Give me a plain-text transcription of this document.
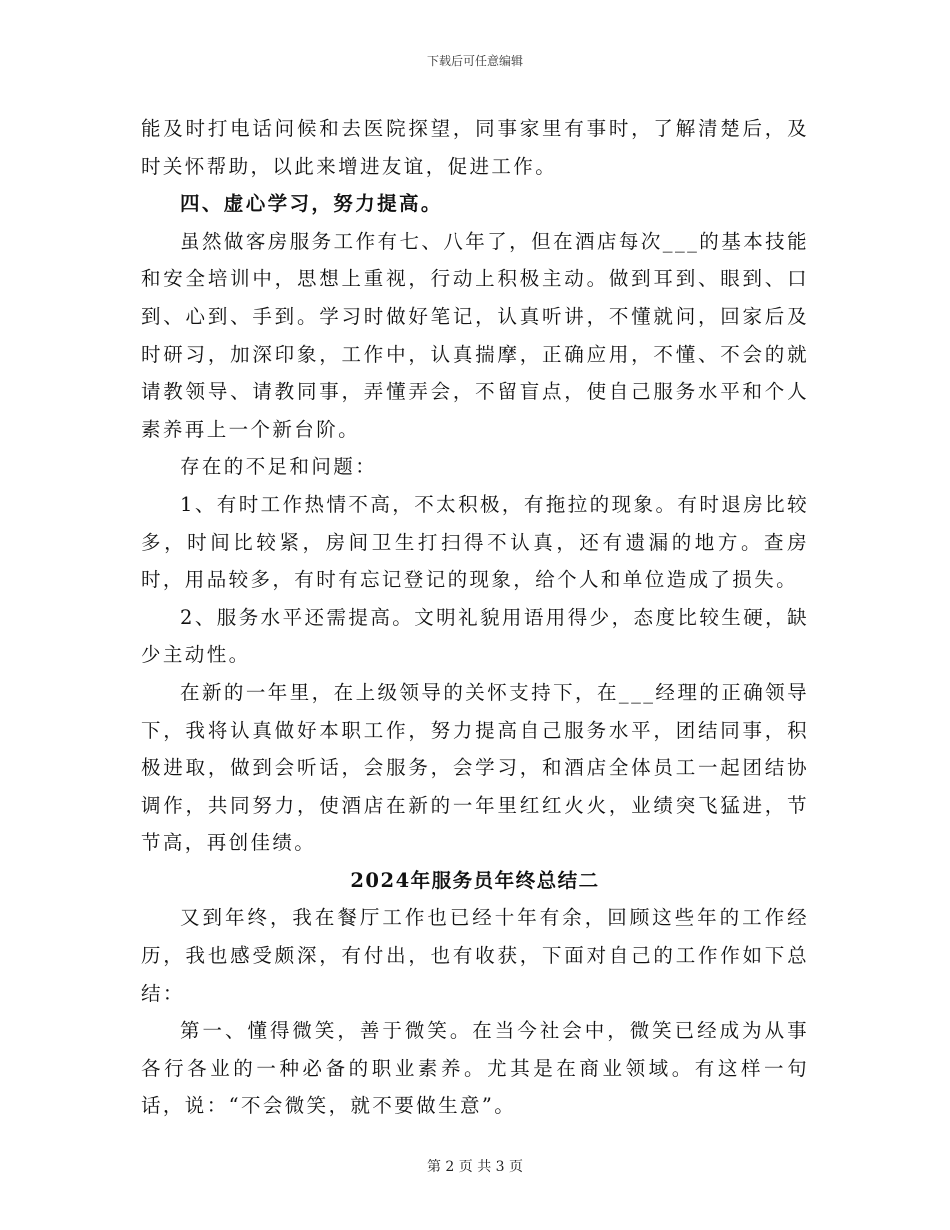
下载后可任意编辑

能及时打电话问候和去医院探望，同事家里有事时，了解清楚后，及时关怀帮助，以此来增进友谊，促进工作。

四、虚心学习，努力提高。

虽然做客房服务工作有七、八年了，但在酒店每次___的基本技能和安全培训中，思想上重视，行动上积极主动。做到耳到、眼到、口到、心到、手到。学习时做好笔记，认真听讲，不懂就问，回家后及时研习，加深印象，工作中，认真揣摩，正确应用，不懂、不会的就请教领导、请教同事，弄懂弄会，不留盲点，使自己服务水平和个人素养再上一个新台阶。

存在的不足和问题：

1、有时工作热情不高，不太积极，有拖拉的现象。有时退房比较多，时间比较紧，房间卫生打扫得不认真，还有遗漏的地方。查房时，用品较多，有时有忘记登记的现象，给个人和单位造成了损失。

2、服务水平还需提高。文明礼貌用语用得少，态度比较生硬，缺少主动性。

在新的一年里，在上级领导的关怀支持下，在___经理的正确领导下，我将认真做好本职工作，努力提高自己服务水平，团结同事，积极进取，做到会听话，会服务，会学习，和酒店全体员工一起团结协调作，共同努力，使酒店在新的一年里红红火火，业绩突飞猛进，节节高，再创佳绩。

2024年服务员年终总结二

又到年终，我在餐厅工作也已经十年有余，回顾这些年的工作经历，我也感受颇深，有付出，也有收获，下面对自己的工作作如下总结：

第一、懂得微笑，善于微笑。在当今社会中，微笑已经成为从事各行各业的一种必备的职业素养。尤其是在商业领域。有这样一句话，说：“不会微笑，就不要做生意”。

第 2 页 共 3 页
